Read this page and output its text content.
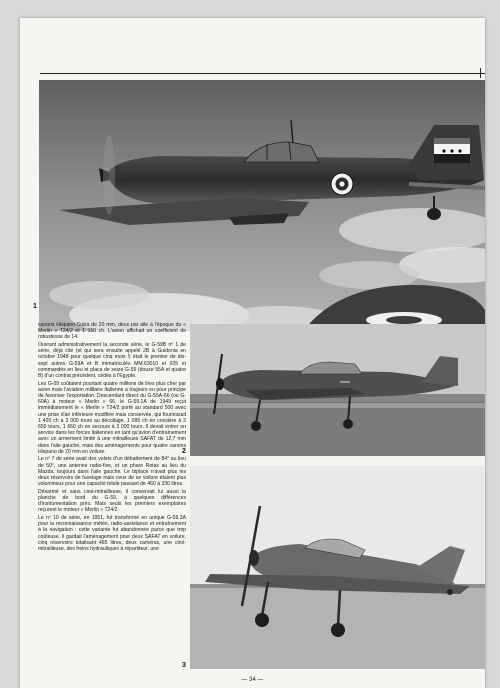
1

canons Hispano-Suiza de 20 mm, deux par aile à l'époque du « Merlin » T24/2 et 1 150 ch. L'avion affichait un coefficient de robustesse de 14.

Ouvrant administrativement la seconde série, le G-59B nº 1 de série, déjà cité (et qui sera ensuite appelé 2B à Guidonia en octobre 1948 pour quelque cinq mois !) était le premier de dix-sept autres G-59A et B immatriculés MM.63010 et 025 et commandés en lieu et place de seize G-55 (douze 55A et quatre B) d'un contrat précédent, cédés à l'Egypte.

Les G-59 coûtaient pourtant quatre millions de lires plus cher par avion mais l'aviation militaire italienne a toujours eu pour principe de favoriser l'exportation. Descendant direct du G-55A-66 (ou G-60A) à moteur « Merlin » 66, le G-59.1A de 1949 reçut immédiatement le « Merlin » T24/2 porté au standard 500 avec une prise d'air inférieure modifiée mais conservée, qui fournissait 1 420 ch à 3 000 tours au décollage, 1 095 ch en croisière à 2 650 tours, 1 660 ch en secours à 3 000 tours. Il devait entrer en service dans les forces italiennes en tant qu'avion d'entraînement avec un armement limité à une mitrailleuse SAFAT de 12,7 mm dans l'aile gauche, mais des aménagements pour quatre canons Hispano de 20 mm en voilure.

Le nº 7 de série avait des volets d'un débattement de 84° au lieu de 50°, une antenne radio-fixe, et un phare Rotax au lieu du Mazda, toujours dans l'aile gauche. Le biplace n'avait plus les deux réservoirs de fuselage mais ceux de se voilure étaient plus volumineux pour une capacité totale passant de 460 à 330 litres.

Désarmé et sans ciné-mitrailleuse, il conservait lui aussi la planche de bord du G-59, à quelques différences d'instrumentation près. Mais seuls les premiers exemplaires reçurent le moteur « Merlin » T24/2.

Le nº 10 de série, en 1951, fut transformé en unique G-59.3A pour la reconnaissance météo, radio-assistance et entraînement à la navigation : cette variante fut abandonnée parce que trop coûteuse. Il gardait l'aménagement pour deux SAFAT en voilure, cinq réservoirs totalisant 465 litres, deux caméras, une ciné-mitrailleuse, des freins hydrauliques à répartiteur, une

2
3
— 34 —
